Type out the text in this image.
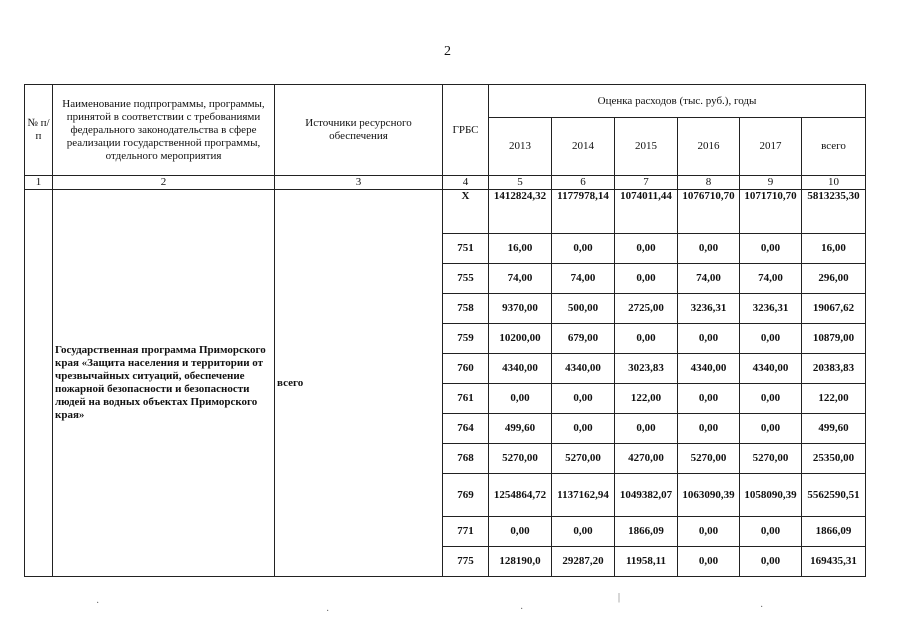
2
№ п/ п	Наименование подпрограммы, программы, принятой в соответствии с требованиями федерального законодательства в сфере реализации государственной программы, отдельного мероприятия	Источники ресурсного обеспечения	ГРБС	Оценка расходов (тыс. руб.), годы					
				2013	2014	2015	2016	2017	всего
1	2	3	4	5	6	7	8	9	10
	Государственная программа Приморского края «Защита населения и территории от чрезвычайных ситуаций, обеспечение пожарной безопасности и безопасности людей на водных объектах Приморского края»	всего	Х	1412824,32	1177978,14	1074011,44	1076710,70	1071710,70	5813235,30
			751	16,00	0,00	0,00	0,00	0,00	16,00
			755	74,00	74,00	0,00	74,00	74,00	296,00
			758	9370,00	500,00	2725,00	3236,31	3236,31	19067,62
			759	10200,00	679,00	0,00	0,00	0,00	10879,00
			760	4340,00	4340,00	3023,83	4340,00	4340,00	20383,83
			761	0,00	0,00	122,00	0,00	0,00	122,00
			764	499,60	0,00	0,00	0,00	0,00	499,60
			768	5270,00	5270,00	4270,00	5270,00	5270,00	25350,00
			769	1254864,72	1137162,94	1049382,07	1063090,39	1058090,39	5562590,51
			771	0,00	0,00	1866,09	0,00	0,00	1866,09
			775	128190,0	29287,20	11958,11	0,00	0,00	169435,31
·
·	·
|
·
